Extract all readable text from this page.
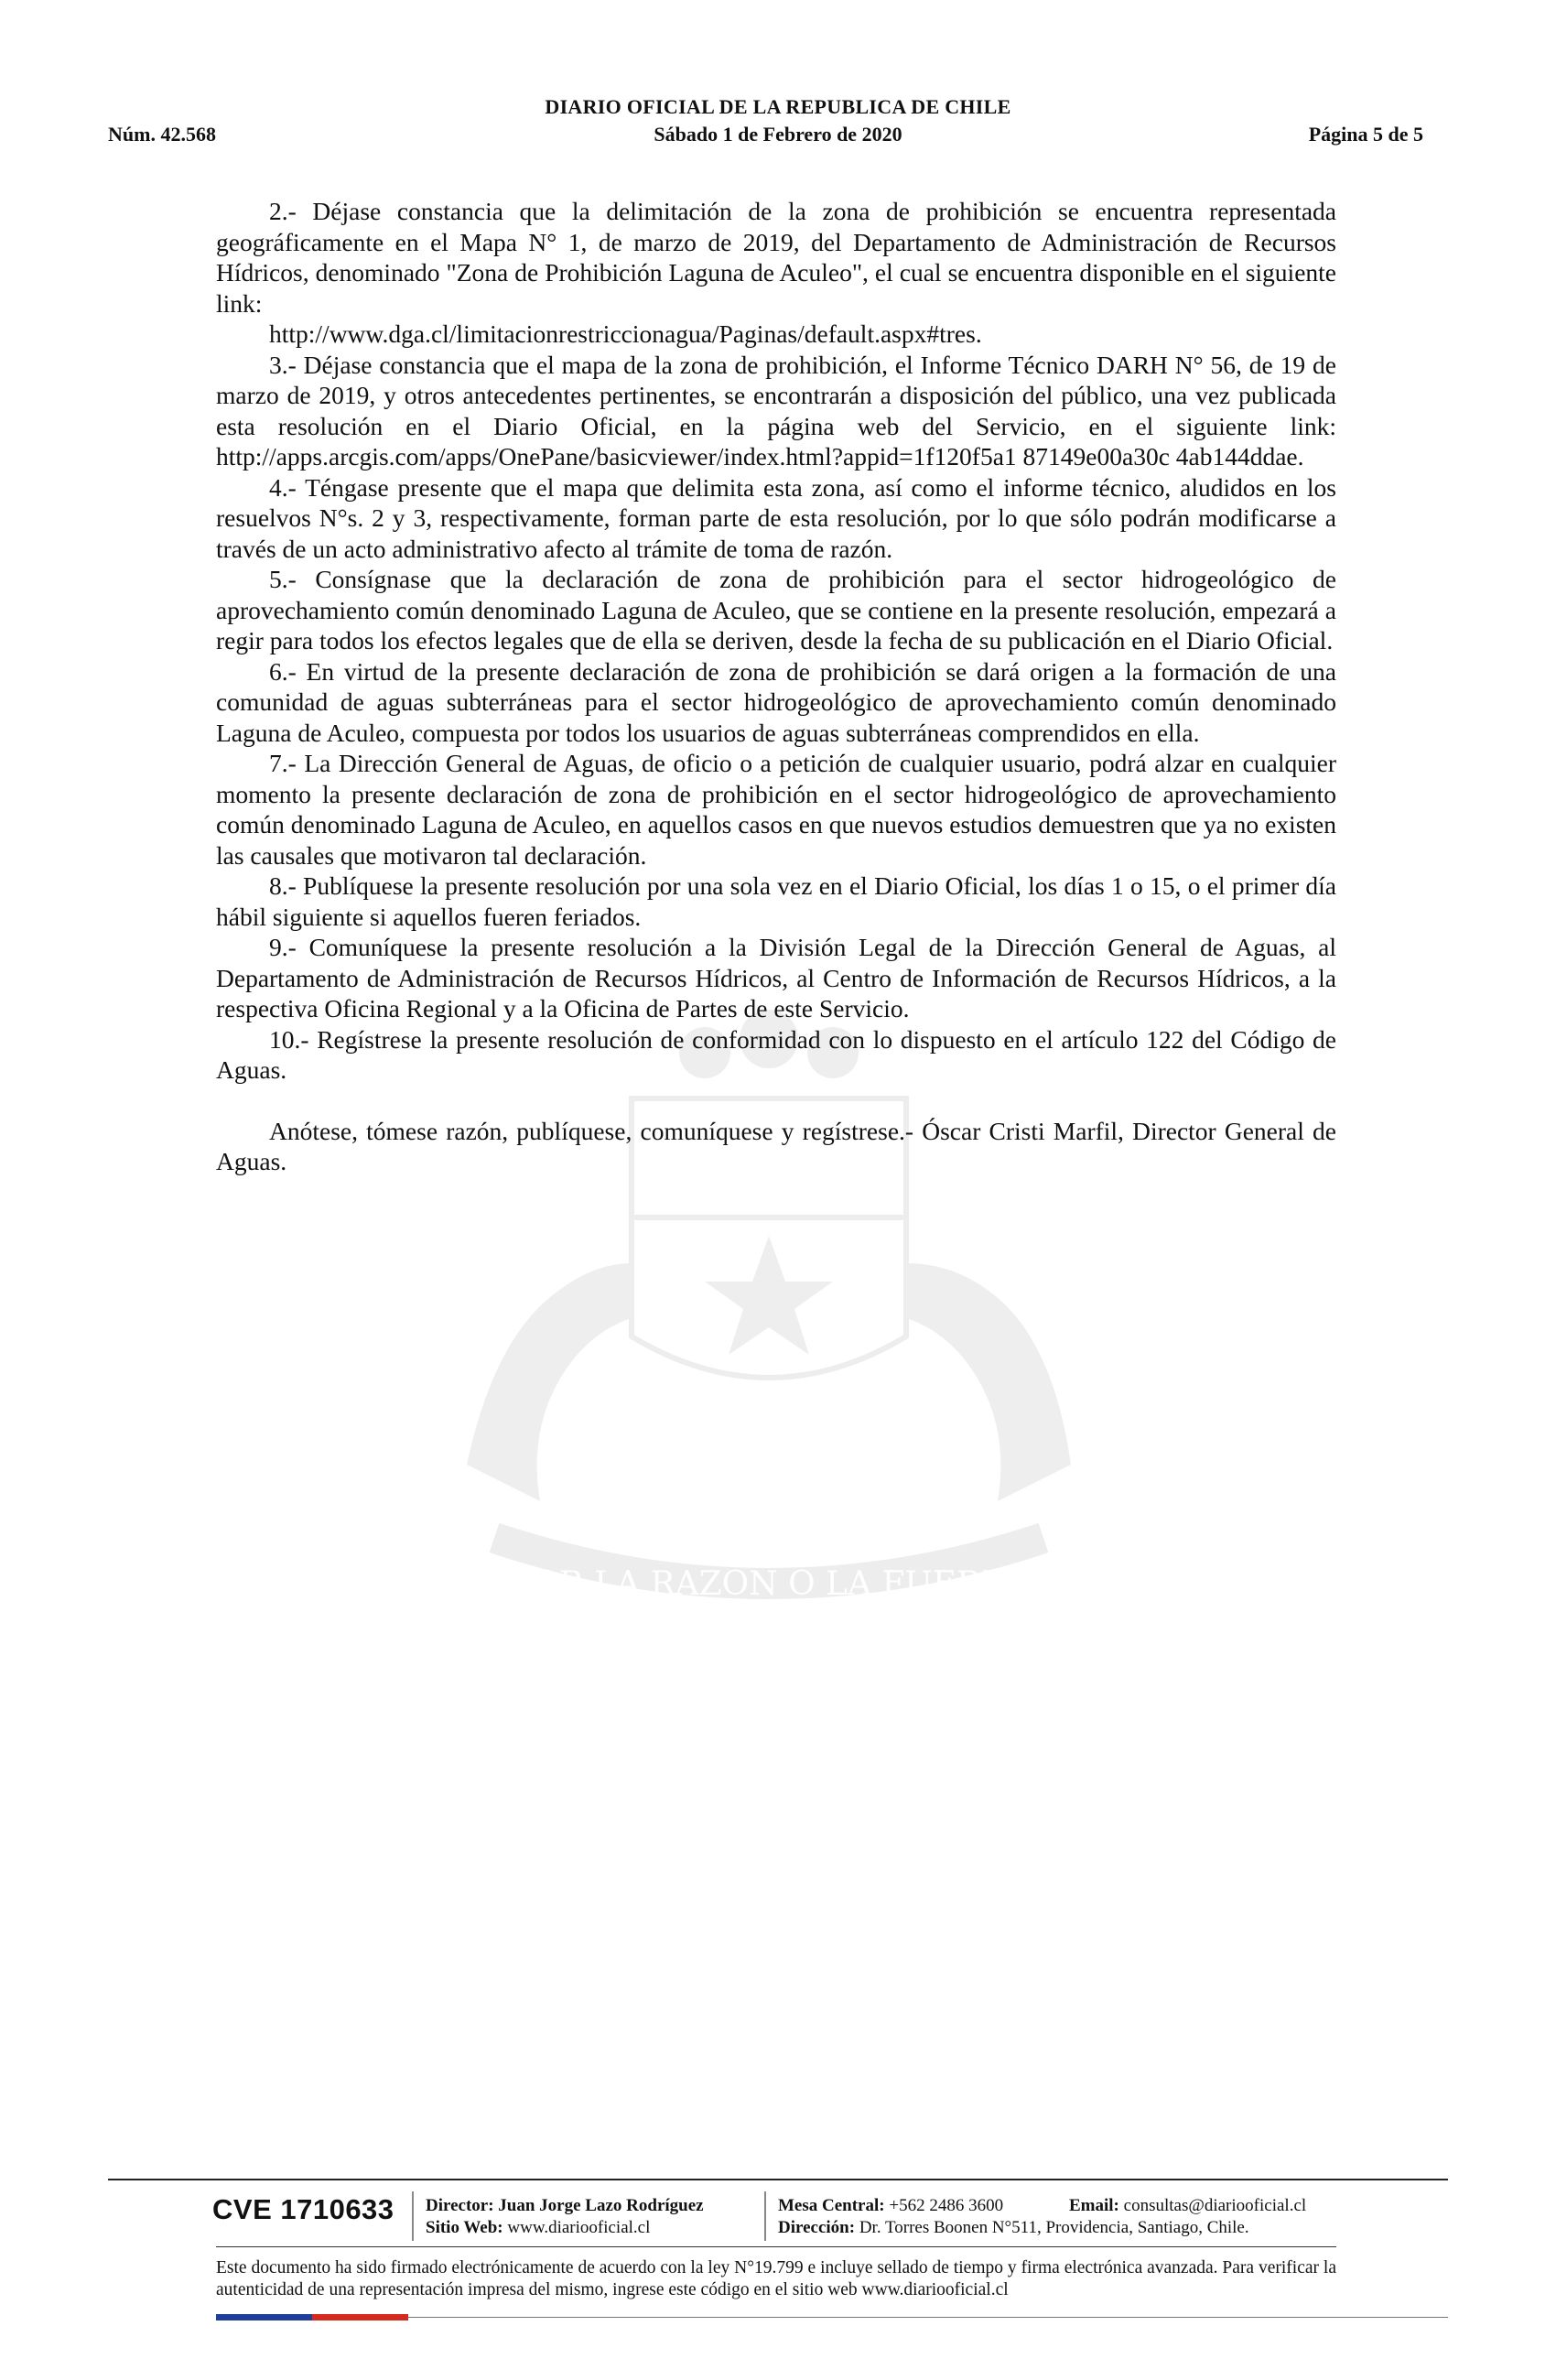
POR LA RAZON O LA FUERZA
DIARIO OFICIAL DE LA REPUBLICA DE CHILE
Núm. 42.568	Sábado 1 de Febrero de 2020	Página 5 de 5

2.- Déjase constancia que la delimitación de la zona de prohibición se encuentra representada geográficamente en el Mapa N° 1, de marzo de 2019, del Departamento de Administración de Recursos Hídricos, denominado "Zona de Prohibición Laguna de Aculeo", el cual se encuentra disponible en el siguiente link:

http://www.dga.cl/limitacionrestriccionagua/Paginas/default.aspx#tres.

3.- Déjase constancia que el mapa de la zona de prohibición, el Informe Técnico DARH N° 56, de 19 de marzo de 2019, y otros antecedentes pertinentes, se encontrarán a disposición del público, una vez publicada esta resolución en el Diario Oficial, en la página web del Servicio, en el siguiente link: http://apps.arcgis.com/apps/OnePane/basicviewer/index.html?appid=1f120f5a1 87149e00a30c 4ab144ddae.

4.- Téngase presente que el mapa que delimita esta zona, así como el informe técnico, aludidos en los resuelvos N°s. 2 y 3, respectivamente, forman parte de esta resolución, por lo que sólo podrán modificarse a través de un acto administrativo afecto al trámite de toma de razón.

5.- Consígnase que la declaración de zona de prohibición para el sector hidrogeológico de aprovechamiento común denominado Laguna de Aculeo, que se contiene en la presente resolución, empezará a regir para todos los efectos legales que de ella se deriven, desde la fecha de su publicación en el Diario Oficial.

6.- En virtud de la presente declaración de zona de prohibición se dará origen a la formación de una comunidad de aguas subterráneas para el sector hidrogeológico de aprovechamiento común denominado Laguna de Aculeo, compuesta por todos los usuarios de aguas subterráneas comprendidos en ella.

7.- La Dirección General de Aguas, de oficio o a petición de cualquier usuario, podrá alzar en cualquier momento la presente declaración de zona de prohibición en el sector hidrogeológico de aprovechamiento común denominado Laguna de Aculeo, en aquellos casos en que nuevos estudios demuestren que ya no existen las causales que motivaron tal declaración.

8.- Publíquese la presente resolución por una sola vez en el Diario Oficial, los días 1 o 15, o el primer día hábil siguiente si aquellos fueren feriados.

9.- Comuníquese la presente resolución a la División Legal de la Dirección General de Aguas, al Departamento de Administración de Recursos Hídricos, al Centro de Información de Recursos Hídricos, a la respectiva Oficina Regional y a la Oficina de Partes de este Servicio.

10.- Regístrese la presente resolución de conformidad con lo dispuesto en el artículo 122 del Código de Aguas.

Anótese, tómese razón, publíquese, comuníquese y regístrese.- Óscar Cristi Marfil, Director General de Aguas.

CVE 1710633 Director: Juan Jorge Lazo Rodríguez
Sitio Web: www.diariooficial.cl
Mesa Central: +562 2486 3600
Dirección: Dr. Torres Boonen N°511, Providencia, Santiago, Chile.
Email: consultas@diariooficial.cl
Este documento ha sido firmado electrónicamente de acuerdo con la ley N°19.799 e incluye sellado de tiempo y firma electrónica avanzada. Para verificar la autenticidad de una representación impresa del mismo, ingrese este código en el sitio web www.diariooficial.cl
